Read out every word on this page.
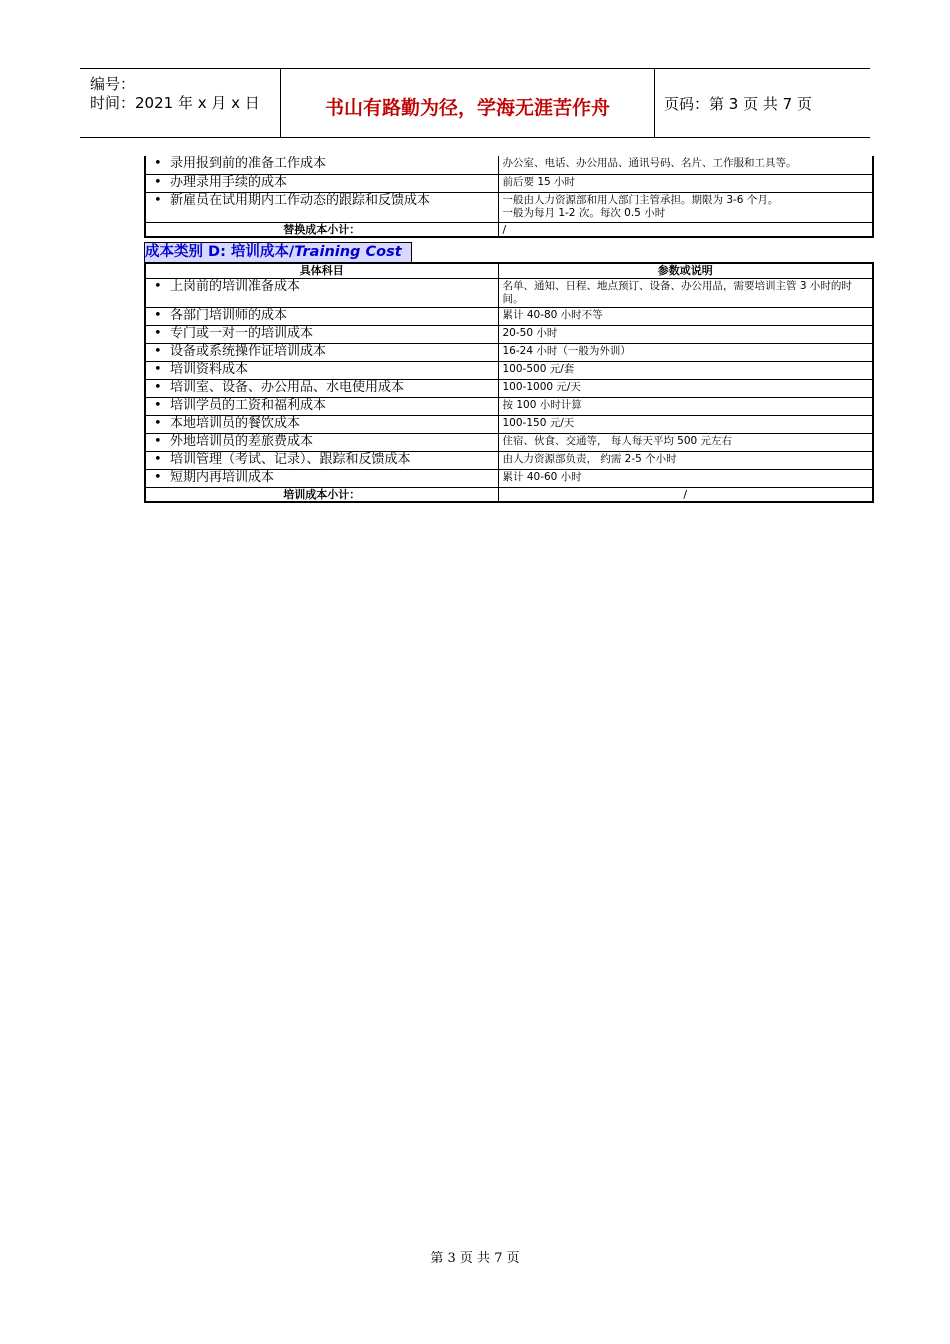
编号：
时间：2021 年 x 月 x 日	书山有路勤为径，学海无涯苦作舟	页码：第 3 页 共 7 页
• 录用报到前的准备工作成本	办公室、电话、办公用品、通讯号码、名片、工作服和工具等。
• 办理录用手续的成本	前后要 15 小时
• 新雇员在试用期内工作动态的跟踪和反馈成本	一般由人力资源部和用人部门主管承担。期限为 3-6 个月。
一般为每月 1-2 次。每次 0.5 小时

替换成本小计：	/
成本类别 D: 培训成本/Training Cost
具体科目	参数或说明
• 上岗前的培训准备成本	名单、通知、日程、地点预订、设备、办公用品，需要培训主管 3 小时的时间。
• 各部门培训师的成本	累计 40-80 小时不等
• 专门或一对一的培训成本	20-50 小时
• 设备或系统操作证培训成本	16-24 小时（一般为外训）
• 培训资料成本	100-500 元/套
• 培训室、设备、办公用品、水电使用成本	100-1000 元/天
• 培训学员的工资和福利成本	按 100 小时计算
• 本地培训员的餐饮成本	100-150 元/天
• 外地培训员的差旅费成本	住宿、伙食、交通等， 每人每天平均 500 元左右
• 培训管理（考试、记录）、跟踪和反馈成本	由人力资源部负责， 约需 2-5 个小时
• 短期内再培训成本	累计 40-60 小时
培训成本小计：	/
第 3 页 共 7 页
